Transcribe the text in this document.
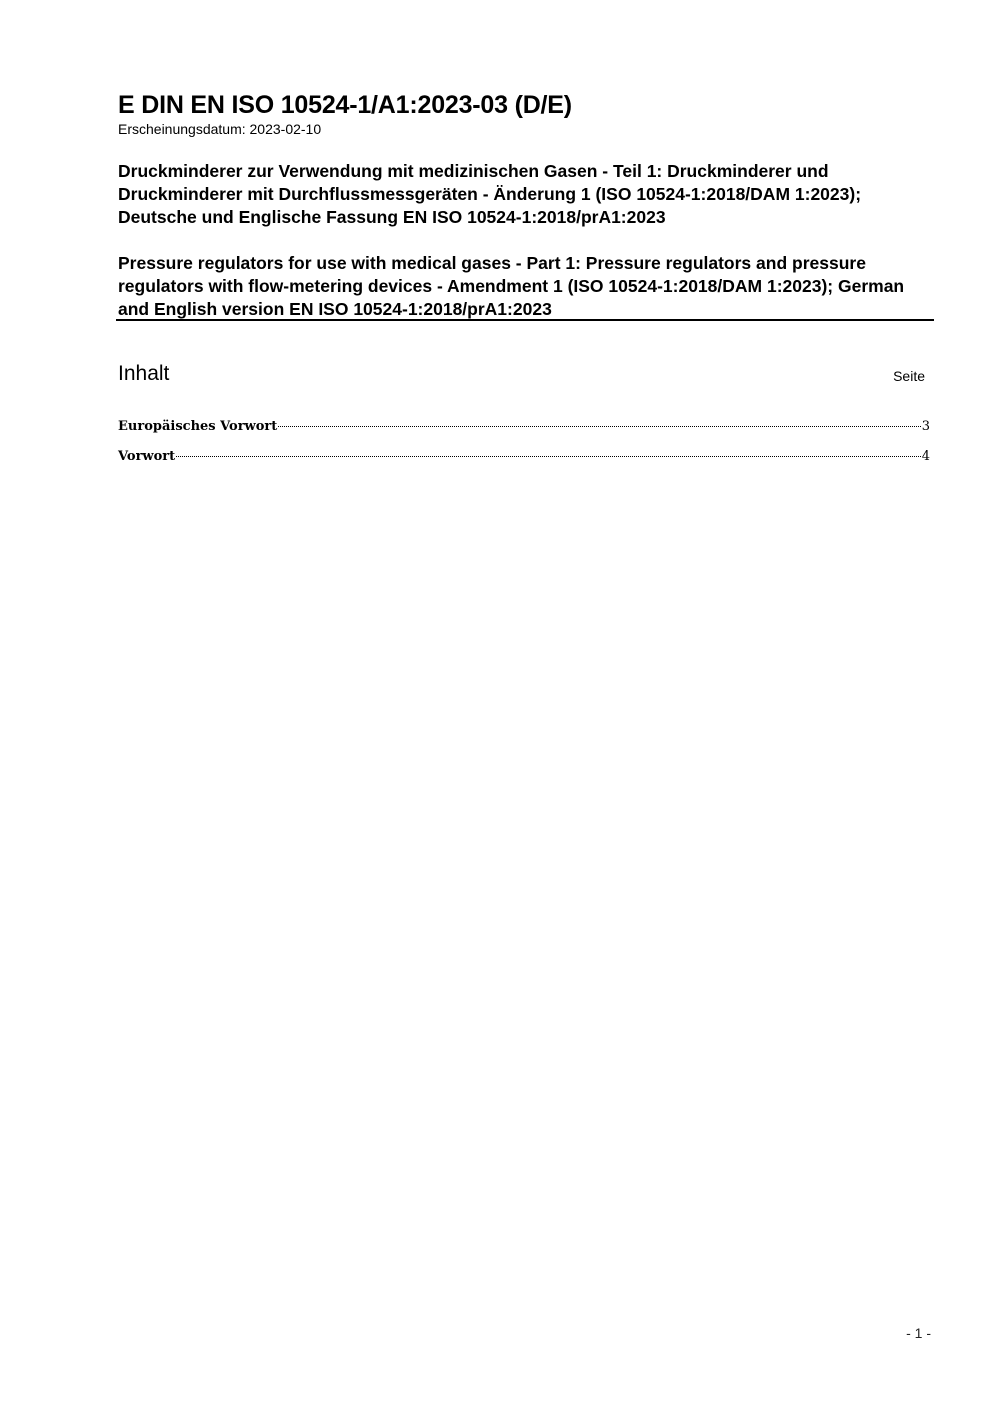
E DIN EN ISO 10524-1/A1:2023-03 (D/E)
Erscheinungsdatum: 2023-02-10
Druckminderer zur Verwendung mit medizinischen Gasen - Teil 1: Druckminderer und Druckminderer mit Durchflussmessgeräten - Änderung 1 (ISO 10524-1:2018/DAM 1:2023); Deutsche und Englische Fassung EN ISO 10524-1:2018/prA1:2023
Pressure regulators for use with medical gases - Part 1: Pressure regulators and pressure regulators with flow-metering devices - Amendment 1 (ISO 10524-1:2018/DAM 1:2023); German and English version EN ISO 10524-1:2018/prA1:2023
Inhalt	Seite
Europäisches Vorwort	3
Vorwort	4
- 1 -
